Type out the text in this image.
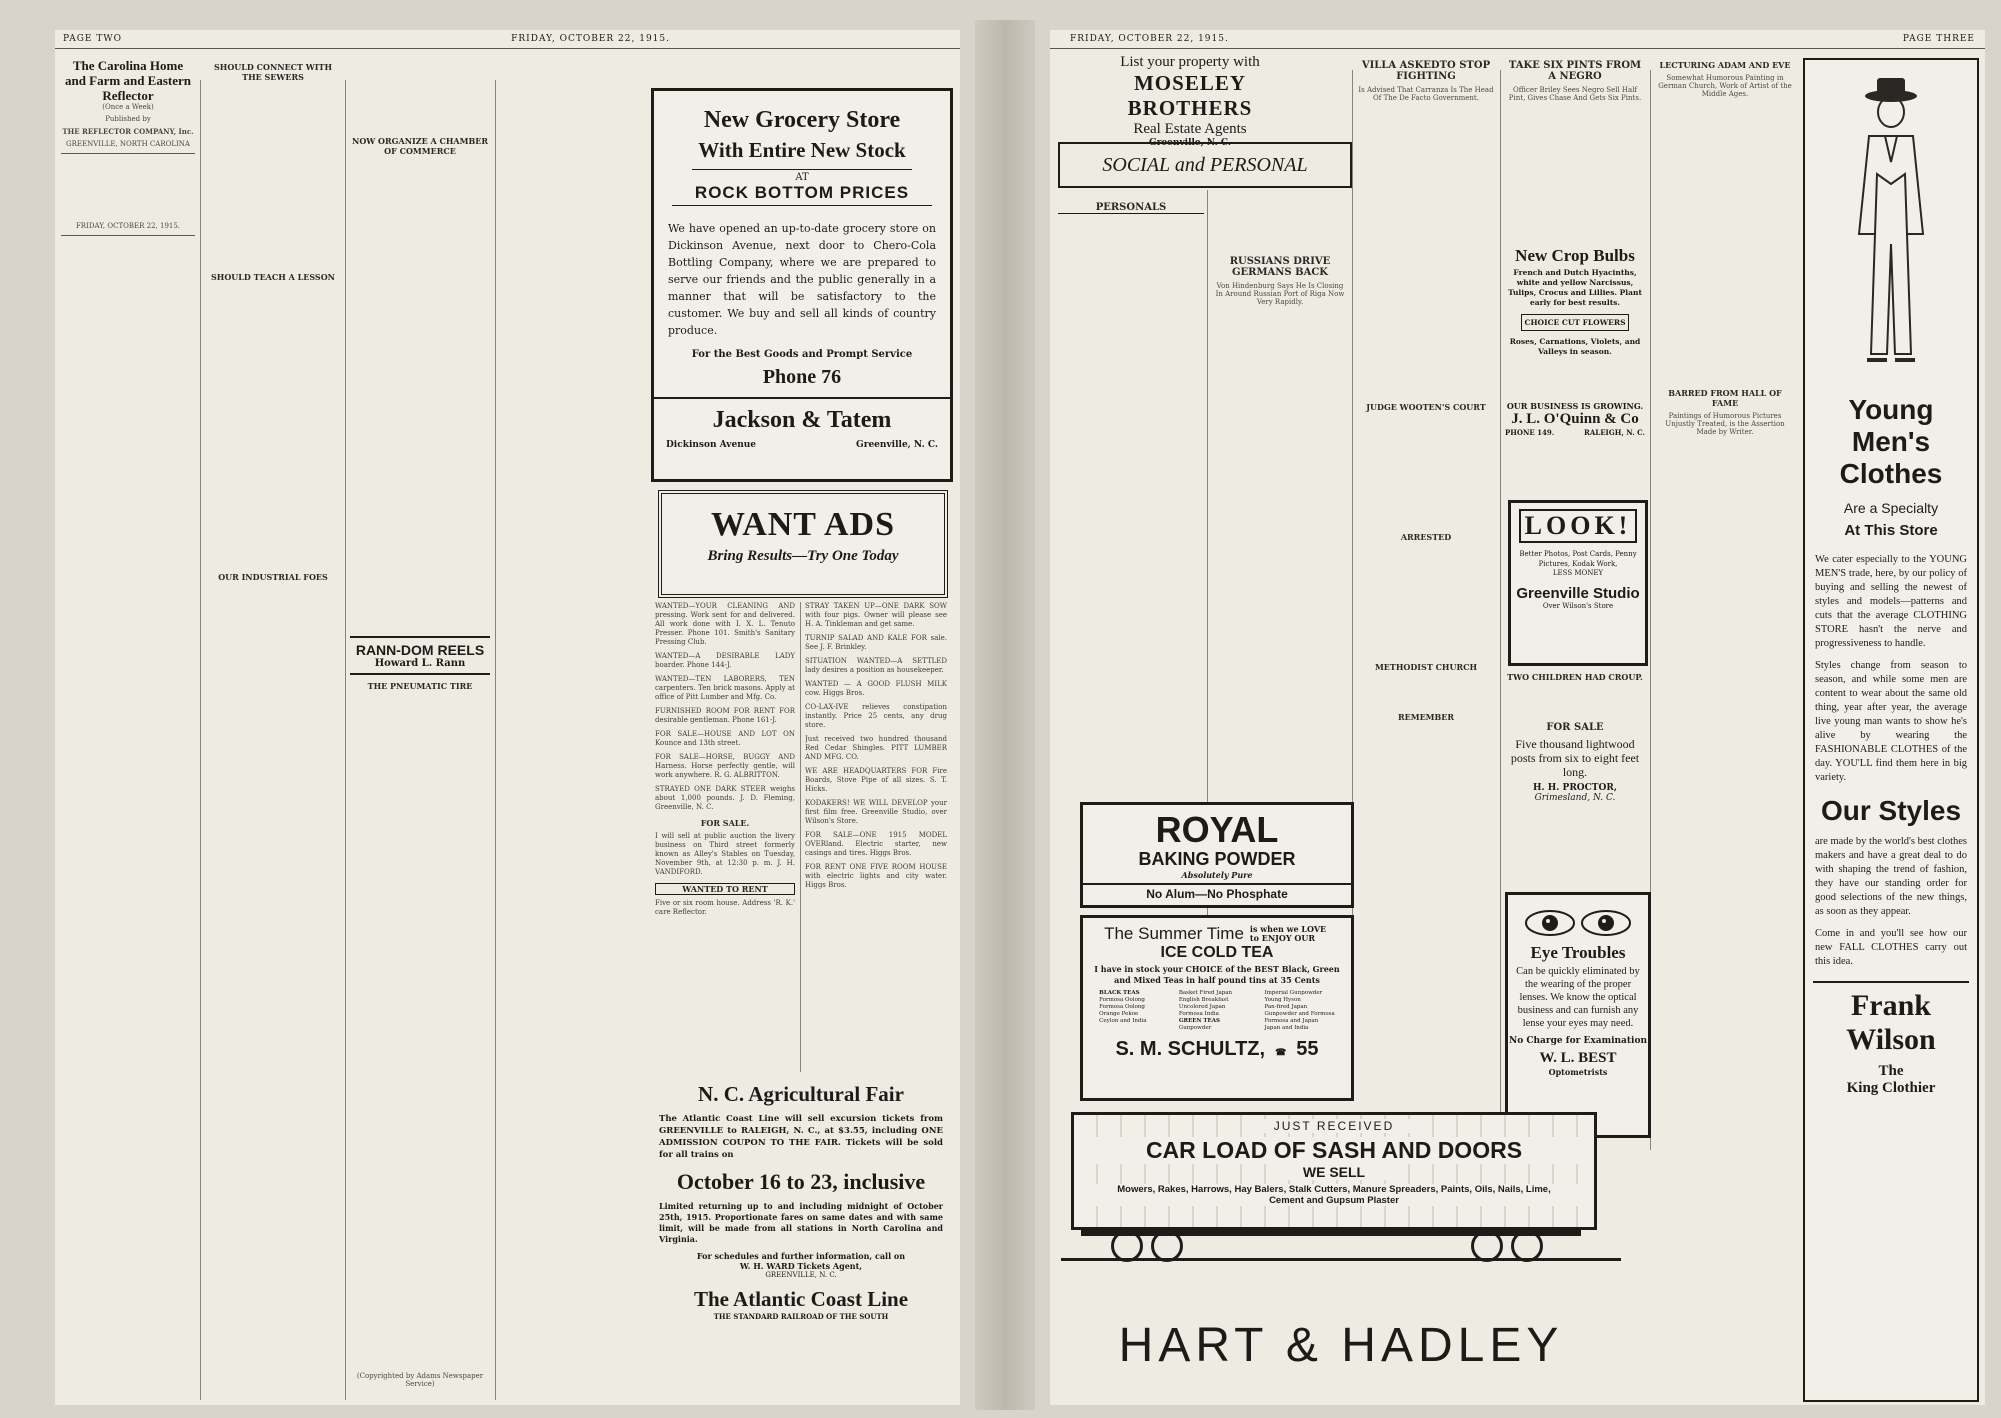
PAGE TWO	FRIDAY, OCTOBER 22, 1915.
The Carolina Home and Farm and Eastern Reflector
(Once a Week)
Published by
THE REFLECTOR COMPANY, Inc.
GREENVILLE, NORTH CAROLINA

FRIDAY, OCTOBER 22, 1915.
SHOULD CONNECT WITH THE SEWERS
SHOULD TEACH A LESSON
OUR INDUSTRIAL FOES
NOW ORGANIZE A CHAMBER OF COMMERCE
RANN-DOM REELS
Howard L. Rann
THE PNEUMATIC TIRE
(Copyrighted by Adams Newspaper Service)
New Grocery Store
With Entire New Stock
AT
ROCK BOTTOM PRICES
We have opened an up-to-date grocery store on Dickinson Avenue, next door to Chero-Cola Bottling Company, where we are prepared to serve our friends and the public generally in a manner that will be satisfactory to the customer. We buy and sell all kinds of country produce.
For the Best Goods and Prompt Service
Phone 76
Jackson & Tatem
Dickinson Avenue	Greenville, N. C.
WANT ADS
Bring Results—Try One Today
WANTED—YOUR CLEANING AND pressing. Work sent for and delivered. All work done with I. X. L. Tenuto Presser. Phone 101. Smith's Sanitary Pressing Club.
WANTED—A DESIRABLE LADY boarder. Phone 144-J.
WANTED—TEN LABORERS, TEN carpenters. Ten brick masons. Apply at office of Pitt Lumber and Mfg. Co.
FURNISHED ROOM FOR RENT FOR desirable gentleman. Phone 161-J.
FOR SALE—HOUSE AND LOT ON Kounce and 13th street.
FOR SALE—HORSE, BUGGY AND Harness. Horse perfectly gentle, will work anywhere. R. G. ALBRITTON.
STRAYED ONE DARK STEER weighs about 1,000 pounds. J. D. Fleming, Greenville, N. C.
FOR SALE.
I will sell at public auction the livery business on Third street formerly known as Alley's Stables on Tuesday, November 9th, at 12:30 p. m. J. H. VANDIFORD.
WANTED TO RENT
Five or six room house. Address 'R. K.' care Reflector.
STRAY TAKEN UP—ONE DARK SOW with four pigs. Owner will please see H. A. Tinkleman and get same.
TURNIP SALAD AND KALE FOR sale. See J. F. Brinkley.
SITUATION WANTED—A SETTLED lady desires a position as housekeeper.
WANTED — A GOOD FLUSH MILK cow. Higgs Bros.
CO-LAX-IVE relieves constipation instantly. Price 25 cents, any drug store.
Just received two hundred thousand Red Cedar Shingles. PITT LUMBER AND MFG. CO.
WE ARE HEADQUARTERS FOR Fire Boards, Stove Pipe of all sizes. S. T. Hicks.
KODAKERS! WE WILL DEVELOP your first film free. Greenville Studio, over Wilson's Store.
FOR SALE—ONE 1915 MODEL OVERland. Electric starter, new casings and tires. Higgs Bros.
FOR RENT ONE FIVE ROOM HOUSE with electric lights and city water. Higgs Bros.
N. C. Agricultural Fair
The Atlantic Coast Line will sell excursion tickets from GREENVILLE to RALEIGH, N. C., at $3.55, including ONE ADMISSION COUPON TO THE FAIR. Tickets will be sold for all trains on
October 16 to 23, inclusive
Limited returning up to and including midnight of October 25th, 1915. Proportionate fares on same dates and with same limit, will be made from all stations in North Carolina and Virginia.
For schedules and further information, call on
W. H. WARD Tickets Agent,
GREENVILLE, N. C.
The Atlantic Coast Line
THE STANDARD RAILROAD OF THE SOUTH
FRIDAY, OCTOBER 22, 1915.	PAGE THREE
List your property with
MOSELEY BROTHERS
Real Estate Agents
Greenville, N. C.
SOCIAL and PERSONAL
PERSONALS
RUSSIANS DRIVE GERMANS BACK
Von Hindenburg Says He Is Closing In Around Russian Port of Riga Now Very Rapidly.
VILLA ASKEDTO STOP FIGHTING
Is Advised That Carranza Is The Head Of The De Facto Government.
JUDGE WOOTEN'S COURT
ARRESTED
METHODIST CHURCH
REMEMBER
TAKE SIX PINTS FROM A NEGRO
Officer Briley Sees Negro Sell Half Pint, Gives Chase And Gets Six Pints.
New Crop Bulbs
French and Dutch Hyacinths, white and yellow Narcissus, Tulips, Crocus and Lillies. Plant early for best results.
CHOICE CUT FLOWERS
Roses, Carnations, Violets, and Valleys in season.
OUR BUSINESS IS GROWING.
J. L. O'Quinn & Co
PHONE 149.	RALEIGH, N. C.
LOOK!
Better Photos, Post Cards, Penny Pictures, Kodak Work,
LESS MONEY
Greenville Studio
Over Wilson's Store
TWO CHILDREN HAD CROUP.
FOR SALE
Five thousand lightwood posts from six to eight feet long.
H. H. PROCTOR,
Grimesland, N. C.
ROYAL
BAKING POWDER
Absolutely Pure
No Alum—No Phosphate
The Summer Time is when we LOVE to ENJOY OUR
ICE COLD TEA
I have in stock your CHOICE of the BEST Black, Green and Mixed Teas in half pound tins at 35 Cents
BLACK TEAS
Formosa Oolong
Formosa Oolong
Orange Pekoe
Ceylon and India
Basket Fired Japan
English Breakfast
Uncolored Japan
Formosa India
GREEN TEAS
Gunpowder
Imperial Gunpowder
Young Hyson
Pan-fired Japan
Gunpowder and Formosa
Formosa and Japan
Japan and India
S. M. SCHULTZ, ☎ 55
Eye Troubles
Can be quickly eliminated by the wearing of the proper lenses. We know the optical business and can furnish any lense your eyes may need.
No Charge for Examination
W. L. BEST
Optometrists
LECTURING ADAM AND EVE
Somewhat Humorous Painting in German Church, Work of Artist of the Middle Ages.
BARRED FROM HALL OF FAME
Paintings of Humorous Pictures Unjustly Treated, is the Assertion Made by Writer.
Young
Men's
Clothes
Are a Specialty
At This Store
We cater especially to the YOUNG MEN'S trade, here, by our policy of buying and selling the newest of styles and models—patterns and cuts that the average CLOTHING STORE hasn't the nerve and progressiveness to handle.
Styles change from season to season, and while some men are content to wear about the same old thing, year after year, the average live young man wants to show he's alive by wearing the FASHIONABLE CLOTHES of the day. YOU'LL find them here in big variety.
Our Styles
are made by the world's best clothes makers and have a great deal to do with shaping the trend of fashion, they have our standing order for good selections of the new things, as soon as they appear.
Come in and you'll see how our new FALL CLOTHES carry out this idea.
Frank
Wilson
The
King Clothier
JUST RECEIVED
CAR LOAD OF SASH AND DOORS
WE SELL
Mowers, Rakes, Harrows, Hay Balers, Stalk Cutters, Manure Spreaders, Paints, Oils, Nails, Lime,
Cement and Gupsum Plaster
HART & HADLEY
